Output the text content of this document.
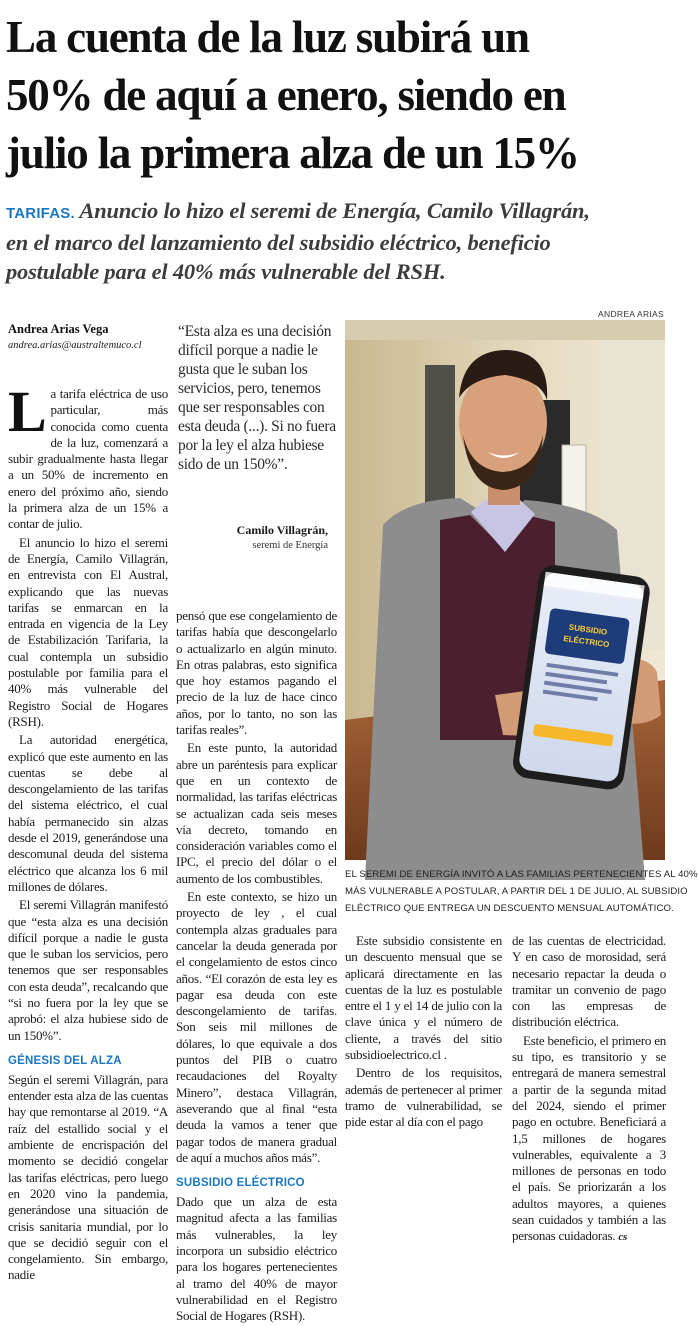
La cuenta de la luz subirá un
50% de aquí a enero, siendo en
julio la primera alza de un 15%
TARIFAS. Anuncio lo hizo el seremi de Energía, Camilo Villagrán,
en el marco del lanzamiento del subsidio eléctrico, beneficio
postulable para el 40% más vulnerable del RSH.
ANDREA ARIAS
Andrea Arias Vega
andrea.arias@australtemuco.cl

La tarifa eléctrica de uso particular, más conocida como cuenta de la luz, comenzará a subir gradualmente hasta llegar a un 50% de incremento en enero del próximo año, siendo la primera alza de un 15% a contar de julio.

El anuncio lo hizo el seremi de Energía, Camilo Villagrán, en entrevista con El Austral, explicando que las nuevas tarifas se enmarcan en la entrada en vigencia de la Ley de Estabilización Tarifaria, la cual contempla un subsidio postulable por familia para el 40% más vulnerable del Registro Social de Hogares (RSH).

La autoridad energética, explicó que este aumento en las cuentas se debe al descongelamiento de las tarifas del sistema eléctrico, el cual había permanecido sin alzas desde el 2019, generándose una descomunal deuda del sistema eléctrico que alcanza los 6 mil millones de dólares.

El seremi Villagrán manifestó que “esta alza es una decisión difícil porque a nadie le gusta que le suban los servicios, pero tenemos que ser responsables con esta deuda”, recalcando que “si no fuera por la ley que se aprobó: el alza hubiese sido de un 150%”.

GÉNESIS DEL ALZA

Según el seremi Villagrán, para entender esta alza de las cuentas hay que remontarse al 2019. “A raíz del estallido social y el ambiente de encrispación del momento se decidió congelar las tarifas eléctricas, pero luego en 2020 vino la pandemia, generándose una situación de crisis sanitaria mundial, por lo que se decidió seguir con el congelamiento. Sin embargo, nadie

“Esta alza es una decisión difícil porque a nadie le gusta que le suban los servicios, pero, tenemos que ser responsables con esta deuda (...). Si no fuera por la ley el alza hubiese sido de un 150%”.
Camilo Villagrán,
seremi de Energía

pensó que ese congelamiento de tarifas había que descongelarlo o actualizarlo en algún minuto. En otras palabras, esto significa que hoy estamos pagando el precio de la luz de hace cinco años, por lo tanto, no son las tarifas reales”.

En este punto, la autoridad abre un paréntesis para explicar que en un contexto de normalidad, las tarifas eléctricas se actualizan cada seis meses vía decreto, tomando en consideración variables como el IPC, el precio del dólar o el aumento de los combustibles.

En este contexto, se hizo un proyecto de ley , el cual contempla alzas graduales para cancelar la deuda generada por el congelamiento de estos cinco años. “El corazón de esta ley es pagar esa deuda con este descongelamiento de tarifas. Son seis mil millones de dólares, lo que equivale a dos puntos del PIB o cuatro recaudaciones del Royalty Minero”, destaca Villagrán, aseverando que al final “esta deuda la vamos a tener que pagar todos de manera gradual de aquí a muchos años más”.

SUBSIDIO ELÉCTRICO

Dado que un alza de esta magnitud afecta a las familias más vulnerables, la ley incorpora un subsidio eléctrico para los hogares pertenecientes al tramo del 40% de mayor vulnerabilidad en el Registro Social de Hogares (RSH).

SUBSIDIO
ELÉCTRICO
EL SEREMI DE ENERGÍA INVITÓ A LAS FAMILIAS PERTENECIENTES AL 40%
MÁS VULNERABLE A POSTULAR, A PARTIR DEL 1 DE JULIO, AL SUBSIDIO
ELÉCTRICO QUE ENTREGA UN DESCUENTO MENSUAL AUTOMÁTICO.

Este subsidio consistente en un descuento mensual que se aplicará directamente en las cuentas de la luz es postulable entre el 1 y el 14 de julio con la clave única y el número de cliente, a través del sitio subsidioelectrico.cl .

Dentro de los requisitos, además de pertenecer al primer tramo de vulnerabilidad, se pide estar al día con el pago

de las cuentas de electricidad. Y en caso de morosidad, será necesario repactar la deuda o tramitar un convenio de pago con las empresas de distribución eléctrica.

Este beneficio, el primero en su tipo, es transitorio y se entregará de manera semestral a partir de la segunda mitad del 2024, siendo el primer pago en octubre. Beneficiará a 1,5 millones de hogares vulnerables, equivalente a 3 millones de personas en todo el país. Se priorizarán a los adultos mayores, a quienes sean cuidados y también a las personas cuidadoras. cs
